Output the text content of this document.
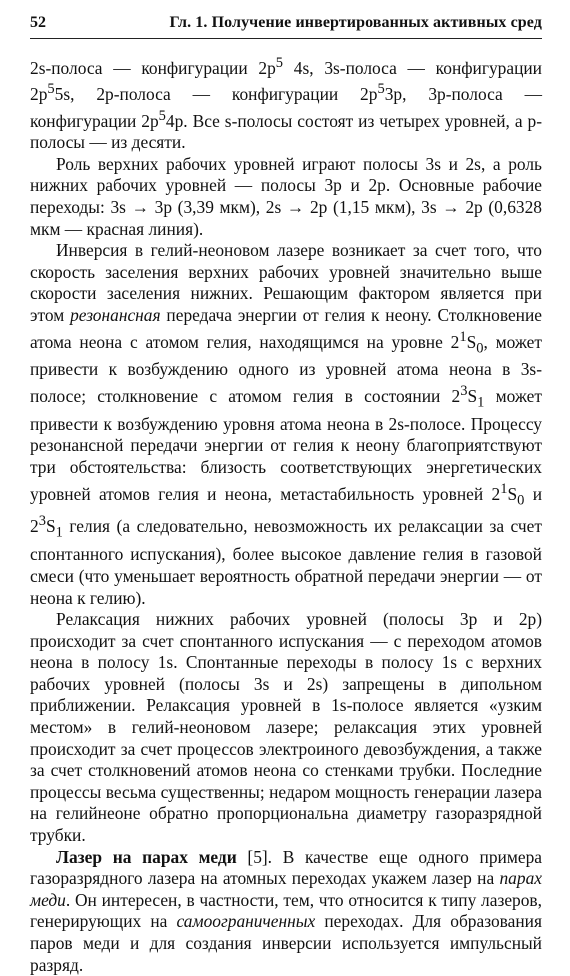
52	Гл. 1. Получение инвертированных активных сред

2s-полоса — конфигурации $2p^5$ 4s, 3s-полоса — конфигурации $2p^55s$, 2p-полоса — конфигурации $2p^53p$, 3p-полоса — конфигурации $2p^54p$. Все s-полосы состоят из четырех уровней, а p-полосы — из десяти.

Роль верхних рабочих уровней играют полосы 3s и 2s, а роль нижних рабочих уровней — полосы 3p и 2p. Основные рабочие переходы: 3s → 3p (3,39 мкм), 2s → 2p (1,15 мкм), 3s → 2p (0,6328 мкм — красная линия).

Инверсия в гелий-неоновом лазере возникает за счет того, что скорость заселения верхних рабочих уровней значительно выше скорости заселения нижних. Решающим фактором является при этом резонансная передача энергии от гелия к неону. Столкновение атома неона с атомом гелия, находящимся на уровне $2^1S_0$, может привести к возбуждению одного из уровней атома неона в 3s-полосе; столкновение с атомом гелия в состоянии $2^3S_1$ может привести к возбуждению уровня атома неона в 2s-полосе. Процессу резонансной передачи энергии от гелия к неону благоприятствуют три обстоятельства: близость соответствующих энергетических уровней атомов гелия и неона, метастабильность уровней $2^1S_0$ и $2^3S_1$ гелия (а следовательно, невозможность их релаксации за счет спонтанного испускания), более высокое давление гелия в газовой смеси (что уменьшает вероятность обратной передачи энергии — от неона к гелию).

Релаксация нижних рабочих уровней (полосы 3p и 2p) происходит за счет спонтанного испускания — с переходом атомов неона в полосу 1s. Спонтанные переходы в полосу 1s с верхних рабочих уровней (полосы 3s и 2s) запрещены в дипольном приближении. Релаксация уровней в 1s-полосе является «узким местом» в гелий-неоновом лазере; релаксация этих уровней происходит за счет процессов электроиного девозбуждения, а также за счет столкновений атомов неона со стенками трубки. Последние процессы весьма существенны; недаром мощность генерации лазера на гелийнеоне обратно пропорциональна диаметру газоразрядной трубки.

Лазер на парах меди [5]. В качестве еще одного примера газоразрядного лазера на атомных переходах укажем лазер на парах меди. Он интересен, в частности, тем, что относится к типу лазеров, генерирующих на самоограниченных переходах. Для образования паров меди и для создания инверсии используется импульсный разряд.
